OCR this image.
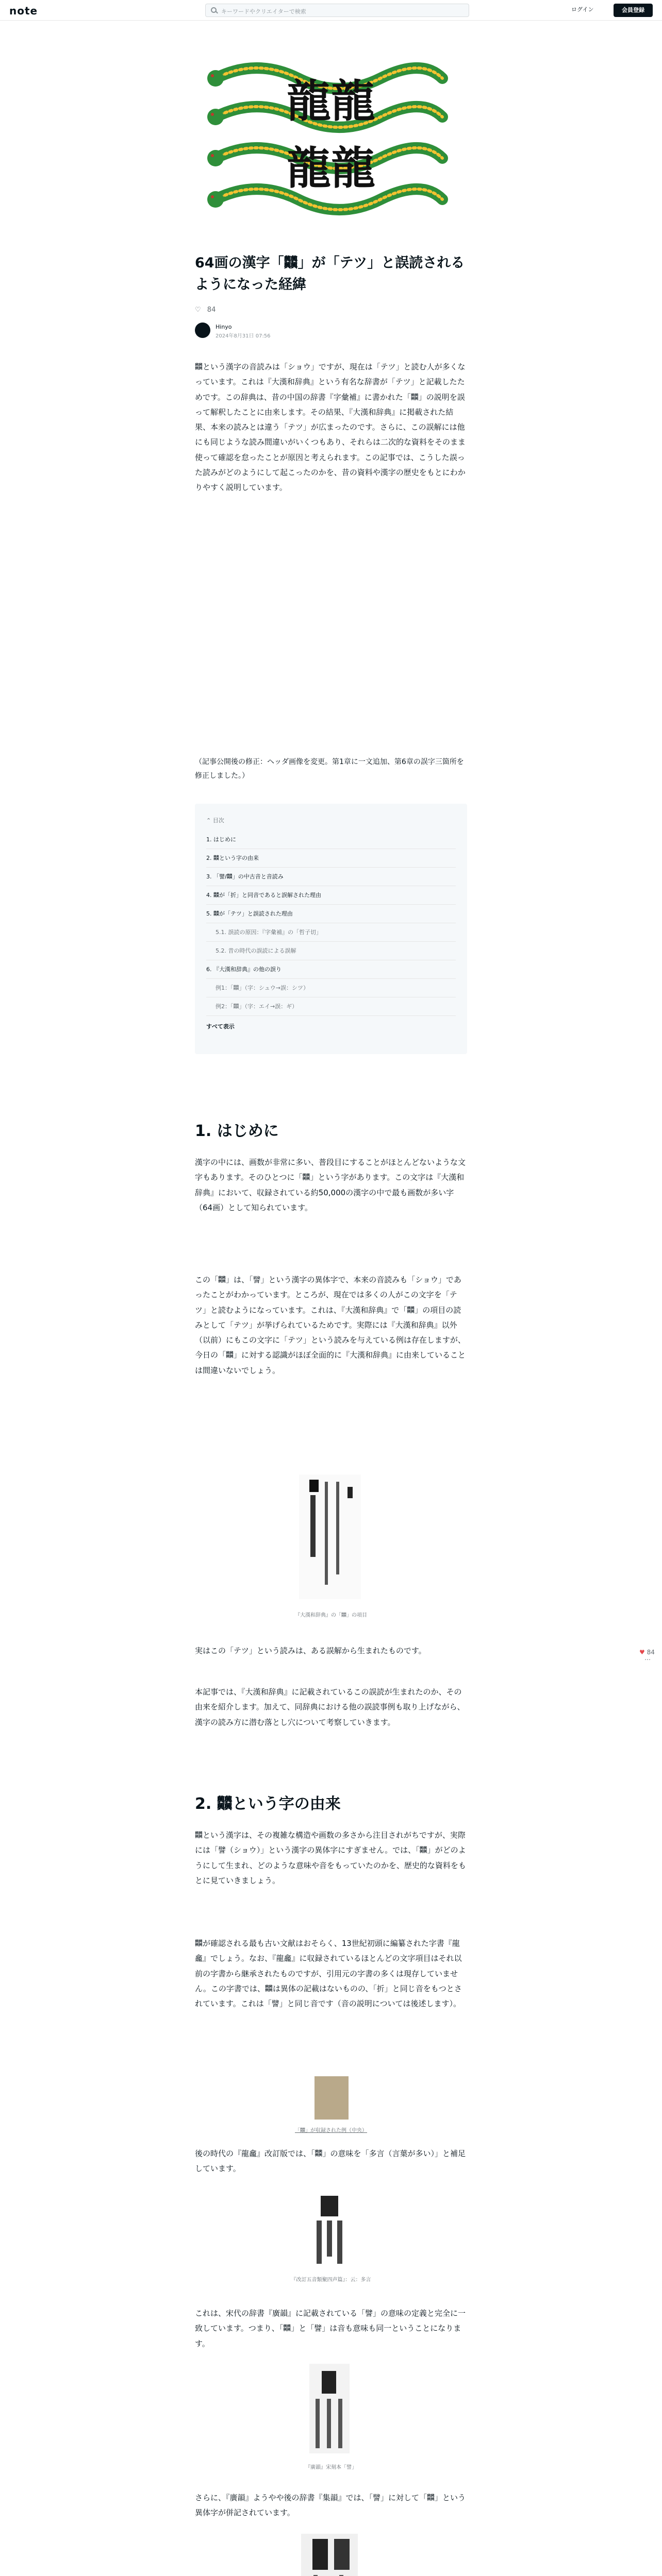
note	キーワードやクリエイターで検索	ログイン	会員登録
龍龍龍龍
64画の漢字「𠔻」が「テツ」と誤読されるようになった経緯
♡ 84
Hinyo
2024年8月31日 07:56
𠔻という漢字の音読みは「ショウ」ですが、現在は「テツ」と読む人が多くなっています。これは『大漢和辞典』という有名な辞書が「テツ」と記載したためです。この辞典は、昔の中国の辞書『字彙補』に書かれた「𠔻」の説明を誤って解釈したことに由来します。その結果、『大漢和辞典』に掲載された結果、本来の読みとは違う「テツ」が広まったのです。さらに、この誤解には他にも同じような読み間違いがいくつもあり、それらは二次的な資料をそのまま使って確認を怠ったことが原因と考えられます。この記事では、こうした誤った読みがどのようにして起こったのかを、昔の資料や漢字の歴史をもとにわかりやすく説明しています。
（記事公開後の修正：ヘッダ画像を変更。第1章に一文追加、第6章の誤字三箇所を修正しました。）
⌃ 目次
1. はじめに
2. 𠔻という字の由来
3. 「譬/𠔻」の中古音と音読み
4. 𠔻が「折」と同音であると誤解された理由
5. 𠔻が「テツ」と誤読された理由
5.1. 誤読の原因：『字彙補』の「哲子切」
5.2. 昔の時代の誤読による誤解
6. 『大漢和辞典』の他の誤り
例1：「𠔻」（字：シュウ→誤：シツ）
例2：「𠔻」（字：エイ→誤：ギ）
すべて表示
1. はじめに
漢字の中には、画数が非常に多い、普段目にすることがほとんどないような文字もあります。そのひとつに「𠔻」という字があります。この文字は『大漢和辞典』において、収録されている約50,000の漢字の中で最も画数が多い字（64画）として知られています。
この「𠔻」は、「譬」という漢字の異体字で、本来の音読みも「ショウ」であったことがわかっています。ところが、現在では多くの人がこの文字を「テツ」と読むようになっています。これは、『大漢和辞典』で「𠔻」の項目の読みとして「テツ」が挙げられているためです。実際には『大漢和辞典』以外（以前）にもこの文字に「テツ」という読みを与えている例は存在しますが、今日の「𠔻」に対する認識がほぼ全面的に『大漢和辞典』に由来していることは間違いないでしょう。
『大漢和辞典』の「𠔻」の項目
実はこの「テツ」という読みは、ある誤解から生まれたものです。
本記事では、『大漢和辞典』に記載されているこの誤読が生まれたのか、その由来を紹介します。加えて、同辞典における他の誤読事例も取り上げながら、漢字の読み方に潜む落とし穴について考察していきます。
2. 𠔻という字の由来
𠔻という漢字は、その複雑な構造や画数の多さから注目されがちですが、実際には「譬（ショウ）」という漢字の異体字にすぎません。では、「𠔻」がどのようにして生まれ、どのような意味や音をもっていたのかを、歴史的な資料をもとに見ていきましょう。
𠔻が確認される最も古い文献はおそらく、13世紀初頭に編纂された字書『龍龕』でしょう。なお、『龍龕』に収録されているほとんどの文字項目はそれ以前の字書から継承されたものですが、引用元の字書の多くは現存していません。この字書では、𠔻は異体の記載はないものの、「折」と同じ音をもつとされています。これは「譬」と同じ音です（音の説明については後述します）。
「𠔻」が収録された例（中央）
後の時代の『龍龕』改訂版では、「𠔻」の意味を「多言（言葉が多い）」と補足しています。
『改訂五音類聚四声篇』：云：多言
これは、宋代の辞書『廣韻』に記載されている「譬」の意味の定義と完全に一致しています。つまり、「𠔻」と「譬」は音も意味も同一ということになります。
『廣韻』宋刻本「譬」
さらに、『廣韻』ようやや後の辞書『集韻』では、「譬」に対して「𠔻」という異体字が併記されています。
♥ 84 ⋯
